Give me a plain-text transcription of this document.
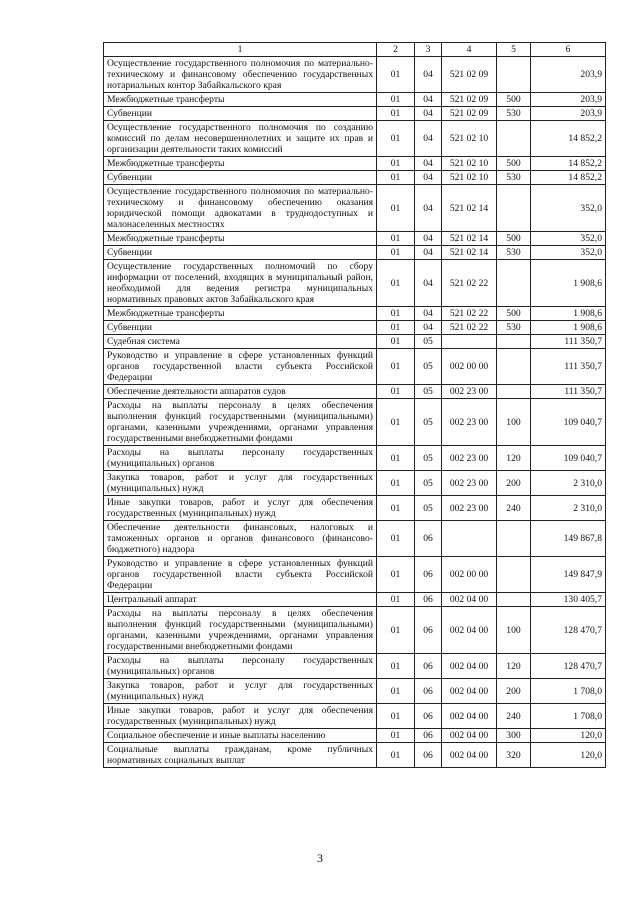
1	2	3	4	5	6
Осуществление государственного полномочия по материально-техническому и финансовому обеспечению государственных нотариальных контор Забайкальского края	01	04	521 02 09		203,9
Межбюджетные трансферты	01	04	521 02 09	500	203,9
Субвенции	01	04	521 02 09	530	203,9
Осуществление государственного полномочия по созданию комиссий по делам несовершеннолетних и защите их прав и организации деятельности таких комиссий	01	04	521 02 10		14 852,2
Межбюджетные трансферты	01	04	521 02 10	500	14 852,2
Субвенции	01	04	521 02 10	530	14 852,2
Осуществление государственного полномочия по материально-техническому и финансовому обеспечению оказания юридической помощи адвокатами в труднодоступных и малонаселенных местностях	01	04	521 02 14		352,0
Межбюджетные трансферты	01	04	521 02 14	500	352,0
Субвенции	01	04	521 02 14	530	352,0
Осуществление государственных полномочий по сбору информации от поселений, входящих в муниципальный район, необходимой для ведения регистра муниципальных нормативных правовых актов Забайкальского края	01	04	521 02 22		1 908,6
Межбюджетные трансферты	01	04	521 02 22	500	1 908,6
Субвенции	01	04	521 02 22	530	1 908,6
Судебная система	01	05			111 350,7
Руководство и управление в сфере установленных функций органов государственной власти субъекта Российской Федерации	01	05	002 00 00		111 350,7
Обеспечение деятельности аппаратов судов	01	05	002 23 00		111 350,7
Расходы на выплаты персоналу в целях обеспечения выполнения функций государственными (муниципальными) органами, казенными учреждениями, органами управления государственными внебюджетными фондами	01	05	002 23 00	100	109 040,7
Расходы на выплаты персоналу государственных (муниципальных) органов	01	05	002 23 00	120	109 040,7
Закупка товаров, работ и услуг для государственных (муниципальных) нужд	01	05	002 23 00	200	2 310,0
Иные закупки товаров, работ и услуг для обеспечения государственных (муниципальных) нужд	01	05	002 23 00	240	2 310,0
Обеспечение деятельности финансовых, налоговых и таможенных органов и органов финансового (финансово-бюджетного) надзора	01	06			149 867,8
Руководство и управление в сфере установленных функций органов государственной власти субъекта Российской Федерации	01	06	002 00 00		149 847,9
Центральный аппарат	01	06	002 04 00		130 405,7
Расходы на выплаты персоналу в целях обеспечения выполнения функций государственными (муниципальными) органами, казенными учреждениями, органами управления государственными внебюджетными фондами	01	06	002 04 00	100	128 470,7
Расходы на выплаты персоналу государственных (муниципальных) органов	01	06	002 04 00	120	128 470,7
Закупка товаров, работ и услуг для государственных (муниципальных) нужд	01	06	002 04 00	200	1 708,0
Иные закупки товаров, работ и услуг для обеспечения государственных (муниципальных) нужд	01	06	002 04 00	240	1 708,0
Социальное обеспечение и иные выплаты населению	01	06	002 04 00	300	120,0
Социальные выплаты гражданам, кроме публичных нормативных социальных выплат	01	06	002 04 00	320	120,0
3
